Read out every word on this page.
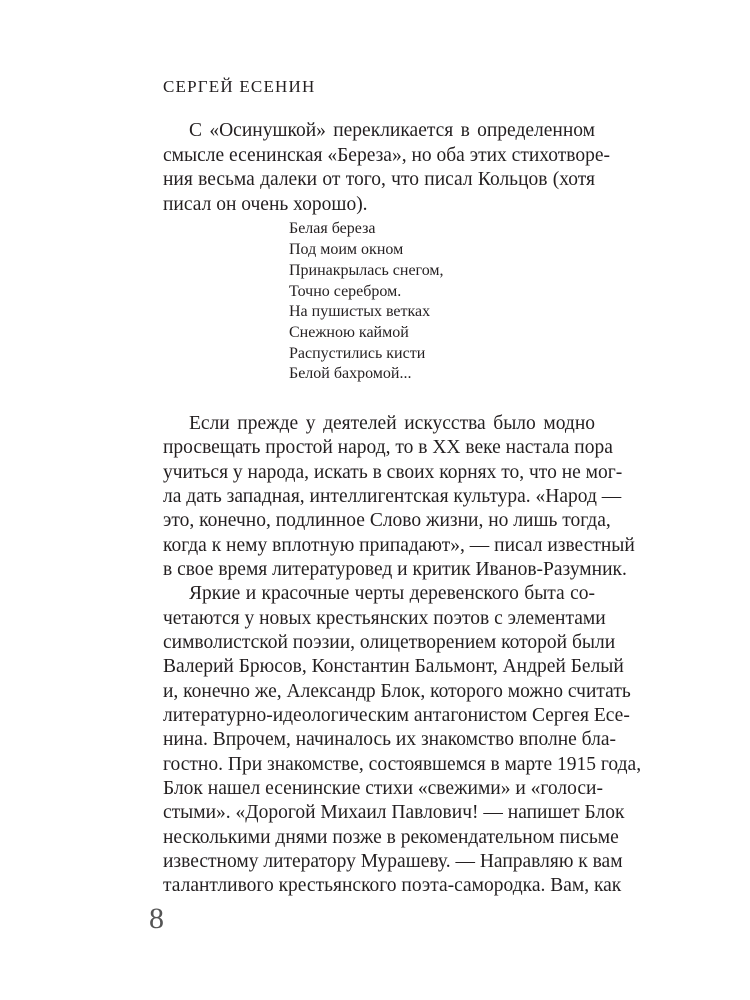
СЕРГЕЙ ЕСЕНИН
С «Осинушкой» перекликается в определенном
смысле есенинская «Береза», но оба этих стихотворе-
ния весьма далеки от того, что писал Кольцов (хотя
писал он очень хорошо).
Белая береза
Под моим окном
Принакрылась снегом,
Точно серебром.
На пушистых ветках
Снежною каймой
Распустились кисти
Белой бахромой...
Если прежде у деятелей искусства было модно
просвещать простой народ, то в XX веке настала пора
учиться у народа, искать в своих корнях то, что не мог-
ла дать западная, интеллигентская культура. «Народ —
это, конечно, подлинное Слово жизни, но лишь тогда,
когда к нему вплотную припадают», — писал известный
в свое время литературовед и критик Иванов-Разумник.
Яркие и красочные черты деревенского быта со-
четаются у новых крестьянских поэтов с элементами
символистской поэзии, олицетворением которой были
Валерий Брюсов, Константин Бальмонт, Андрей Белый
и, конечно же, Александр Блок, которого можно считать
литературно-идеологическим антагонистом Сергея Есе-
нина. Впрочем, начиналось их знакомство вполне бла-
гостно. При знакомстве, состоявшемся в марте 1915 года,
Блок нашел есенинские стихи «свежими» и «голоси-
стыми». «Дорогой Михаил Павлович! — напишет Блок
несколькими днями позже в рекомендательном письме
известному литератору Мурашеву. — Направляю к вам
талантливого крестьянского поэта-самородка. Вам, как
8
